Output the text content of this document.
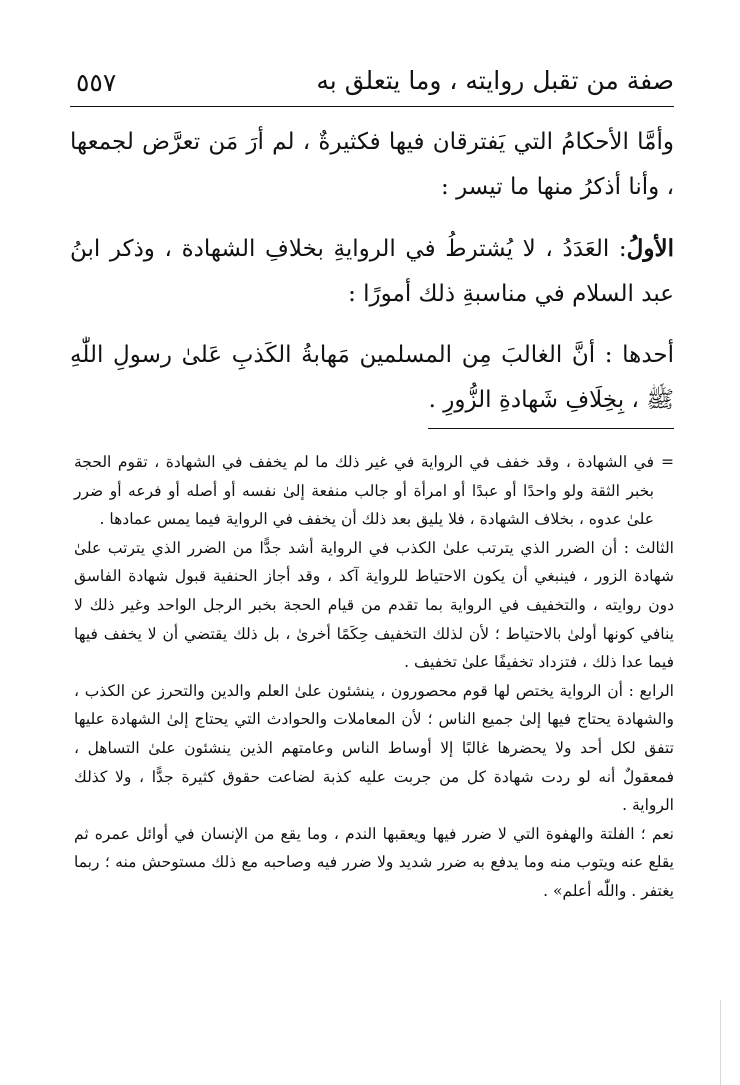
صفة من تقبل روايته ، وما يتعلق به
٥٥٧

وأمَّا الأحكامُ التي يَفترقان فيها فكثيرةٌ ، لم أرَ مَن تعرَّض لجمعها ، وأنا أذكرُ منها ما تيسر :

الأولُ: العَدَدُ ، لا يُشترطُ في الروايةِ بخلافِ الشهادة ، وذكر ابنُ عبد السلام في مناسبةِ ذلك أمورًا :

أحدها : أنَّ الغالبَ مِن المسلمين مَهابةُ الكَذبِ عَلىٰ رسولِ اللّٰهِ ﷺ ، بِخِلَافِ شَهادةِ الزُّورِ .

=
في الشهادة ، وقد خفف في الرواية في غير ذلك ما لم يخفف في الشهادة ، تقوم الحجة بخبر الثقة ولو واحدًا أو عبدًا أو امرأة أو جالب منفعة إلىٰ نفسه أو أصله أو فرعه أو ضرر علىٰ عدوه ، بخلاف الشهادة ، فلا يليق بعد ذلك أن يخفف في الرواية فيما يمس عمادها .

الثالث : أن الضرر الذي يترتب علىٰ الكذب في الرواية أشد جدًّا من الضرر الذي يترتب علىٰ شهادة الزور ، فينبغي أن يكون الاحتياط للرواية آكد ، وقد أجاز الحنفية قبول شهادة الفاسق دون روايته ، والتخفيف في الرواية بما تقدم من قيام الحجة بخبر الرجل الواحد وغير ذلك لا ينافي كونها أولىٰ بالاحتياط ؛ لأن لذلك التخفيف حِكَمًا أخرىٰ ، بل ذلك يقتضي أن لا يخفف فيها فيما عدا ذلك ، فتزداد تخفيفًا علىٰ تخفيف .

الرابع : أن الرواية يختص لها قوم محصورون ، ينشئون علىٰ العلم والدين والتحرز عن الكذب ، والشهادة يحتاج فيها إلىٰ جميع الناس ؛ لأن المعاملات والحوادث التي يحتاج إلىٰ الشهادة عليها تتفق لكل أحد ولا يحضرها غالبًا إلا أوساط الناس وعامتهم الذين ينشئون علىٰ التساهل ، فمعقولٌ أنه لو ردت شهادة كل من جربت عليه كذبة لضاعت حقوق كثيرة جدًّا ، ولا كذلك الرواية .

نعم ؛ الفلتة والهفوة التي لا ضرر فيها ويعقبها الندم ، وما يقع من الإنسان في أوائل عمره ثم يقلع عنه ويتوب منه وما يدفع به ضرر شديد ولا ضرر فيه وصاحبه مع ذلك مستوحش منه ؛ ربما يغتفر . واللّٰه أعلم» .
